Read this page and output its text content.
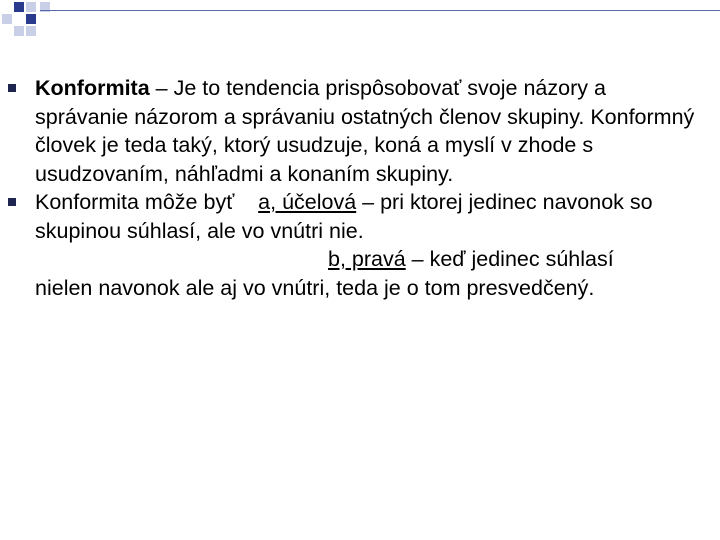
Konformita – Je to tendencia prispôsobovať svoje názory a správanie názorom a správaniu ostatných členov skupiny. Konformný človek je teda taký, ktorý usudzuje, koná a myslí v zhode s usudzovaním, náhľadmi a konaním skupiny.
Konformita môže byť a, účelová – pri ktorej jedinec navonok so skupinou súhlasí, ale vo vnútri nie.
b, pravá – keď jedinec súhlasí
nielen navonok ale aj vo vnútri, teda je o tom presvedčený.
